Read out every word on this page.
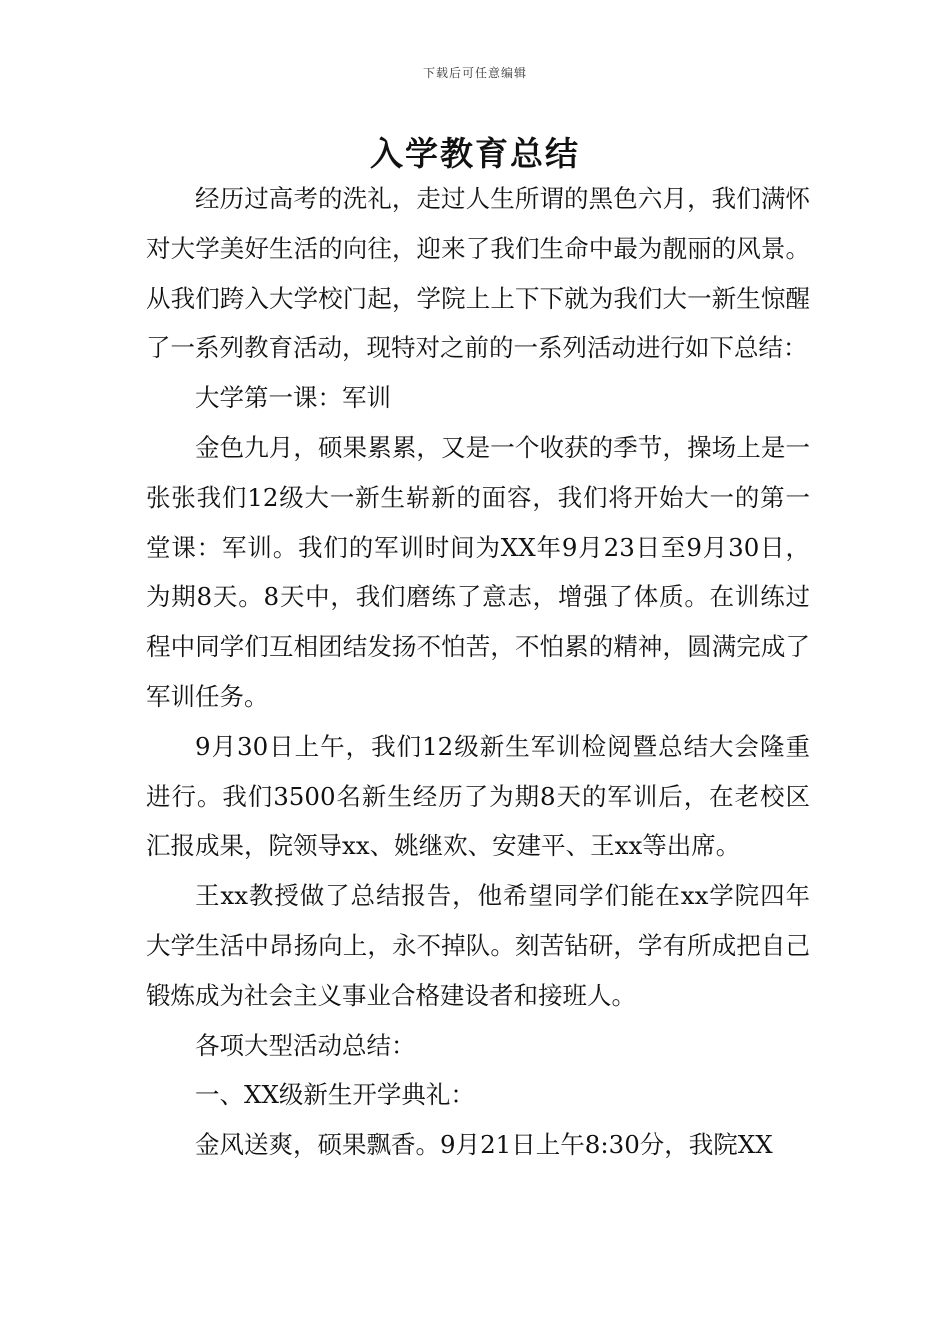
下载后可任意编辑
入学教育总结

经历过高考的洗礼，走过人生所谓的黑色六月，我们满怀对大学美好生活的向往，迎来了我们生命中最为靓丽的风景。从我们跨入大学校门起，学院上上下下就为我们大一新生惊醒了一系列教育活动，现特对之前的一系列活动进行如下总结：

大学第一课：军训

金色九月，硕果累累，又是一个收获的季节，操场上是一张张我们12级大一新生崭新的面容，我们将开始大一的第一堂课：军训。我们的军训时间为XX年9月23日至9月30日，为期8天。8天中，我们磨练了意志，增强了体质。在训练过程中同学们互相团结发扬不怕苦，不怕累的精神，圆满完成了军训任务。

9月30日上午，我们12级新生军训检阅暨总结大会隆重进行。我们3500名新生经历了为期8天的军训后，在老校区汇报成果，院领导xx、姚继欢、安建平、王xx等出席。

王xx教授做了总结报告，他希望同学们能在xx学院四年大学生活中昂扬向上，永不掉队。刻苦钻研，学有所成把自己锻炼成为社会主义事业合格建设者和接班人。

各项大型活动总结：

一、XX级新生开学典礼：

金风送爽，硕果飘香。9月21日上午8:30分，我院XX
